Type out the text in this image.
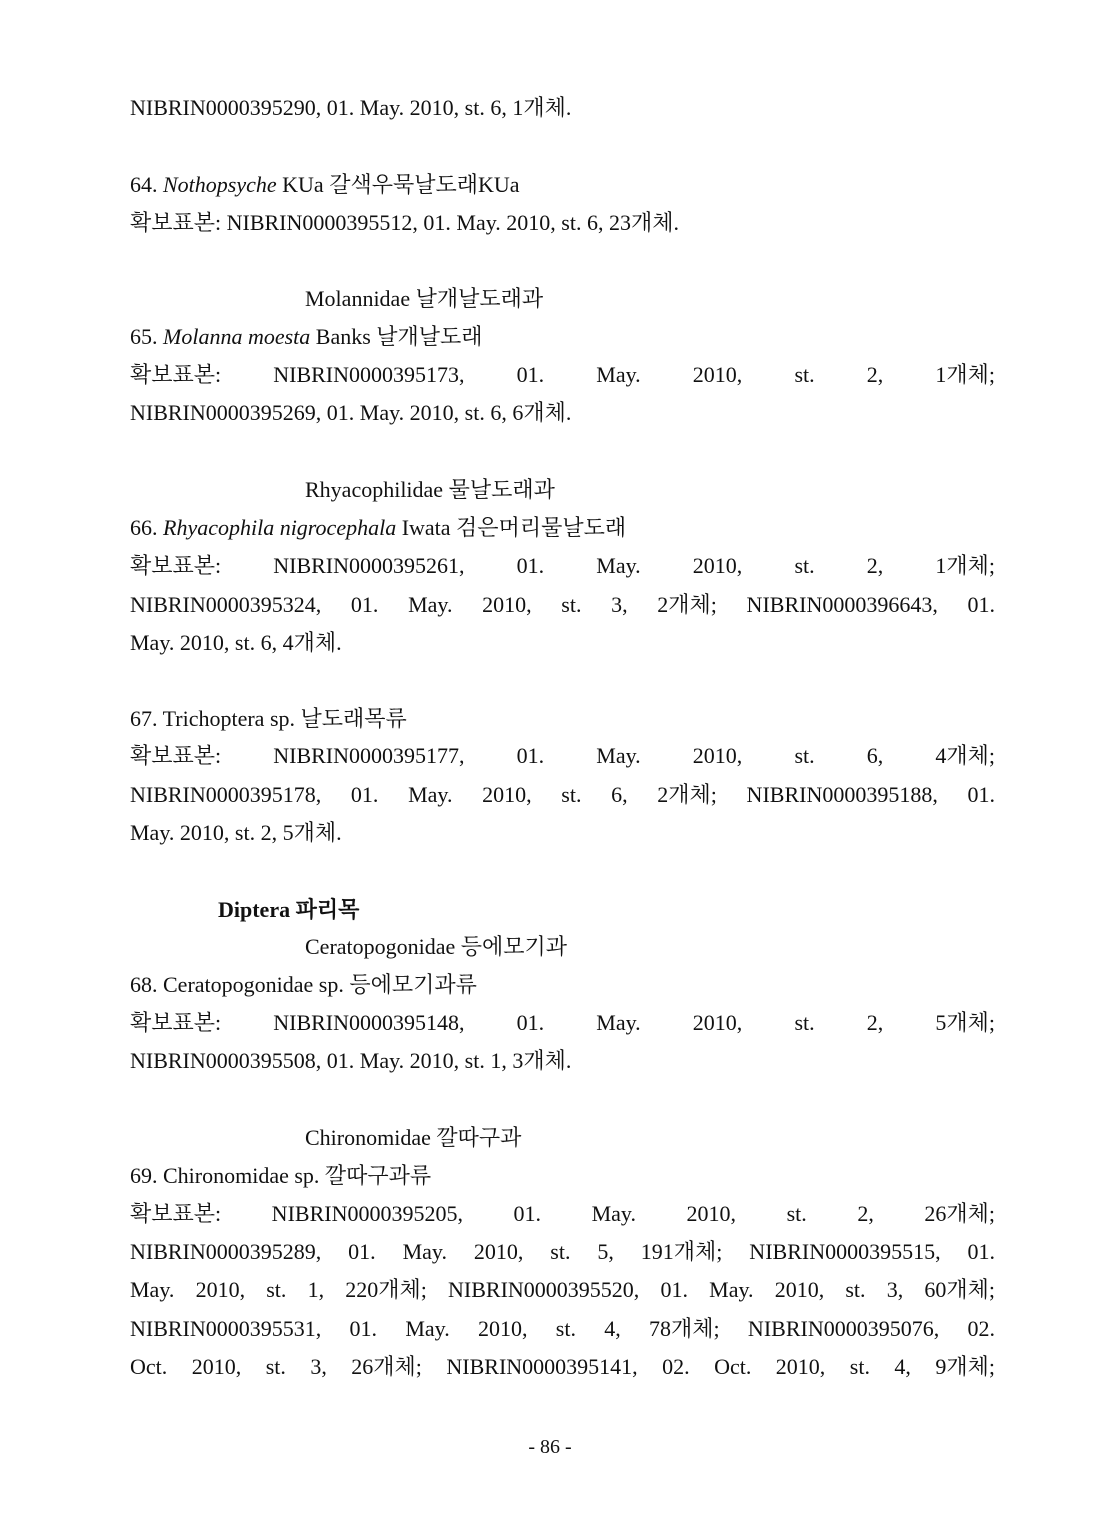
NIBRIN0000395290, 01. May. 2010, st. 6, 1개체.
64. Nothopsyche KUa 갈색우묵날도래KUa
확보표본: NIBRIN0000395512, 01. May. 2010, st. 6, 23개체.
Molannidae 날개날도래과
65. Molanna moesta Banks 날개날도래
확보표본: NIBRIN0000395173, 01. May. 2010, st. 2, 1개체;
NIBRIN0000395269, 01. May. 2010, st. 6, 6개체.
Rhyacophilidae 물날도래과
66. Rhyacophila nigrocephala Iwata 검은머리물날도래
확보표본: NIBRIN0000395261, 01. May. 2010, st. 2, 1개체;
NIBRIN0000395324, 01. May. 2010, st. 3, 2개체; NIBRIN0000396643, 01.
May. 2010, st. 6, 4개체.
67. Trichoptera sp. 날도래목류
확보표본: NIBRIN0000395177, 01. May. 2010, st. 6, 4개체;
NIBRIN0000395178, 01. May. 2010, st. 6, 2개체; NIBRIN0000395188, 01.
May. 2010, st. 2, 5개체.
Diptera 파리목
Ceratopogonidae 등에모기과
68. Ceratopogonidae sp. 등에모기과류
확보표본: NIBRIN0000395148, 01. May. 2010, st. 2, 5개체;
NIBRIN0000395508, 01. May. 2010, st. 1, 3개체.
Chironomidae 깔따구과
69. Chironomidae sp. 깔따구과류
확보표본: NIBRIN0000395205, 01. May. 2010, st. 2, 26개체;
NIBRIN0000395289, 01. May. 2010, st. 5, 191개체; NIBRIN0000395515, 01.
May. 2010, st. 1, 220개체; NIBRIN0000395520, 01. May. 2010, st. 3, 60개체;
NIBRIN0000395531, 01. May. 2010, st. 4, 78개체; NIBRIN0000395076, 02.
Oct. 2010, st. 3, 26개체; NIBRIN0000395141, 02. Oct. 2010, st. 4, 9개체;
- 86 -
